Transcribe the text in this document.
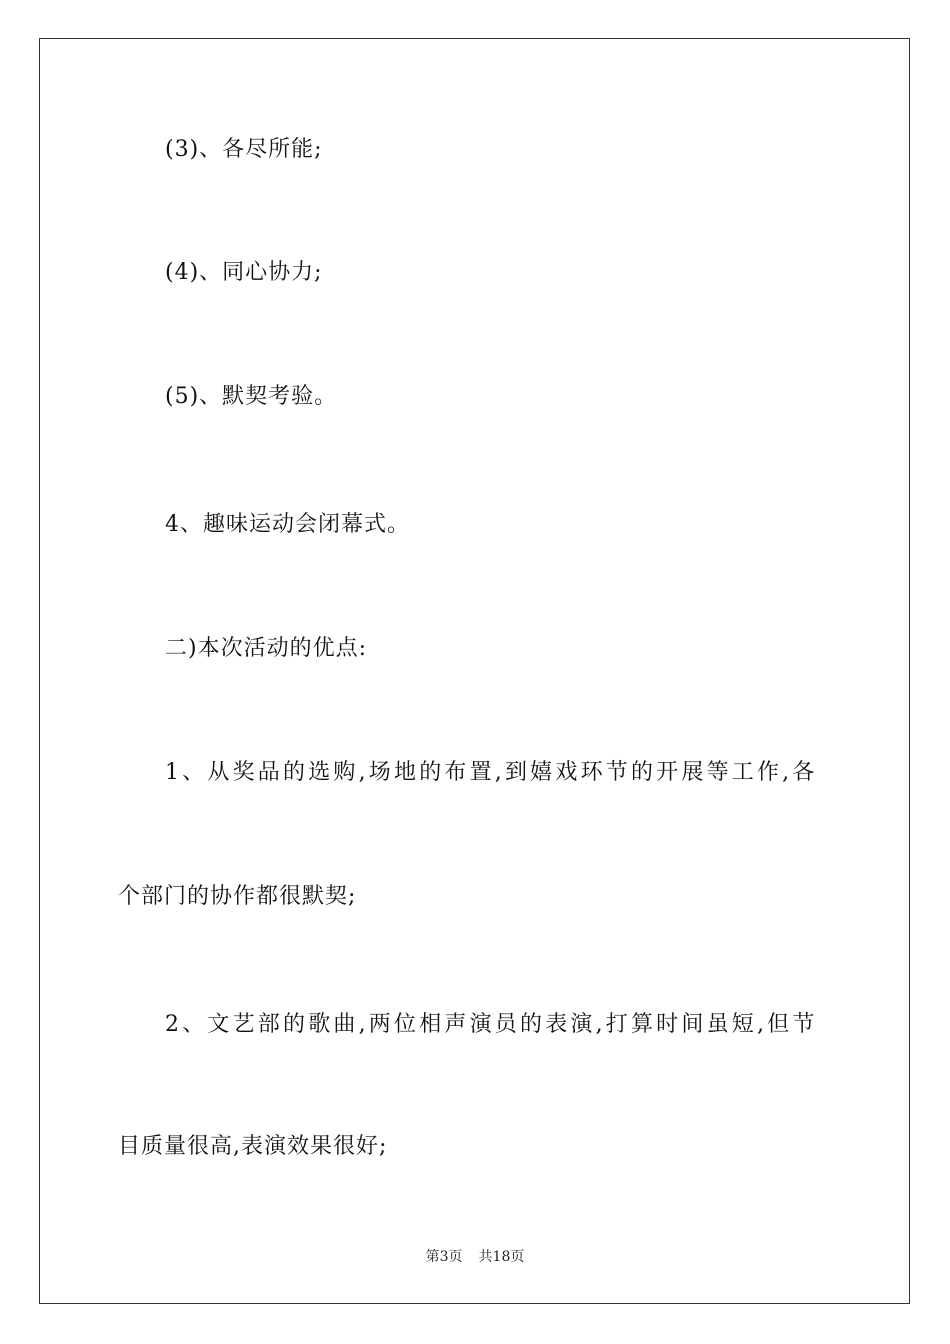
(3)、各尽所能;
(4)、同心协力;
(5)、默契考验。
4、趣味运动会闭幕式。
二)本次活动的优点:
1、从奖品的选购,场地的布置,到嬉戏环节的开展等工作,各
个部门的协作都很默契;
2、文艺部的歌曲,两位相声演员的表演,打算时间虽短,但节
目质量很高,表演效果很好;
第3页 共18页
